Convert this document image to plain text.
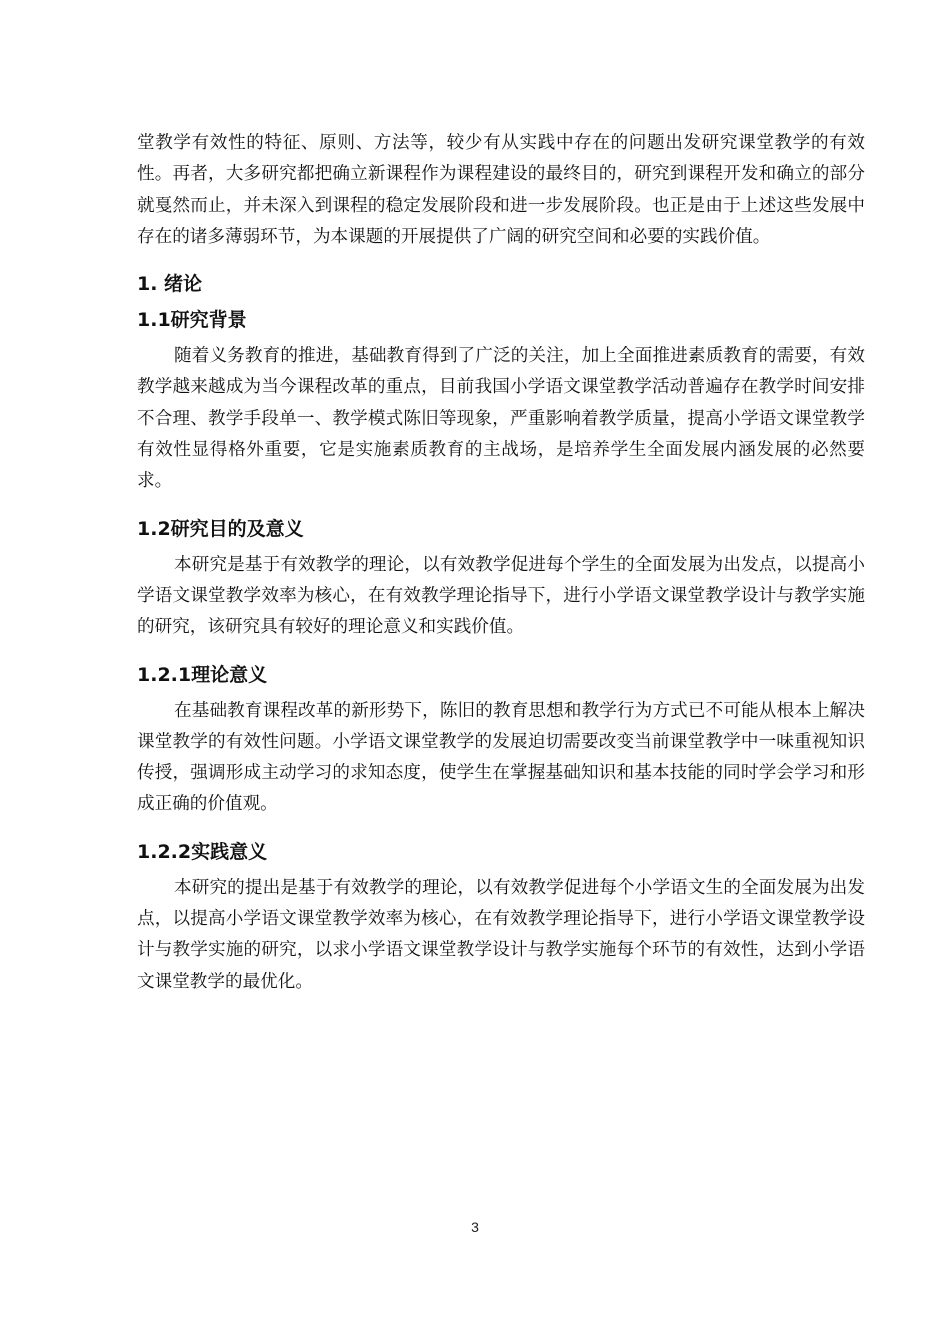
堂教学有效性的特征、原则、方法等，较少有从实践中存在的问题出发研究课堂教学的有效性。再者，大多研究都把确立新课程作为课程建设的最终目的，研究到课程开发和确立的部分就戛然而止，并未深入到课程的稳定发展阶段和进一步发展阶段。也正是由于上述这些发展中存在的诸多薄弱环节，为本课题的开展提供了广阔的研究空间和必要的实践价值。

1. 绪论
1.1研究背景

随着义务教育的推进，基础教育得到了广泛的关注，加上全面推进素质教育的需要，有效教学越来越成为当今课程改革的重点，目前我国小学语文课堂教学活动普遍存在教学时间安排不合理、教学手段单一、教学模式陈旧等现象，严重影响着教学质量，提高小学语文课堂教学有效性显得格外重要，它是实施素质教育的主战场，是培养学生全面发展内涵发展的必然要求。

1.2研究目的及意义

本研究是基于有效教学的理论，以有效教学促进每个学生的全面发展为出发点，以提高小学语文课堂教学效率为核心，在有效教学理论指导下，进行小学语文课堂教学设计与教学实施的研究，该研究具有较好的理论意义和实践价值。

1.2.1理论意义

在基础教育课程改革的新形势下，陈旧的教育思想和教学行为方式已不可能从根本上解决课堂教学的有效性问题。小学语文课堂教学的发展迫切需要改变当前课堂教学中一味重视知识传授，强调形成主动学习的求知态度，使学生在掌握基础知识和基本技能的同时学会学习和形成正确的价值观。

1.2.2实践意义

本研究的提出是基于有效教学的理论，以有效教学促进每个小学语文生的全面发展为出发点，以提高小学语文课堂教学效率为核心，在有效教学理论指导下，进行小学语文课堂教学设计与教学实施的研究，以求小学语文课堂教学设计与教学实施每个环节的有效性，达到小学语文课堂教学的最优化。

3
